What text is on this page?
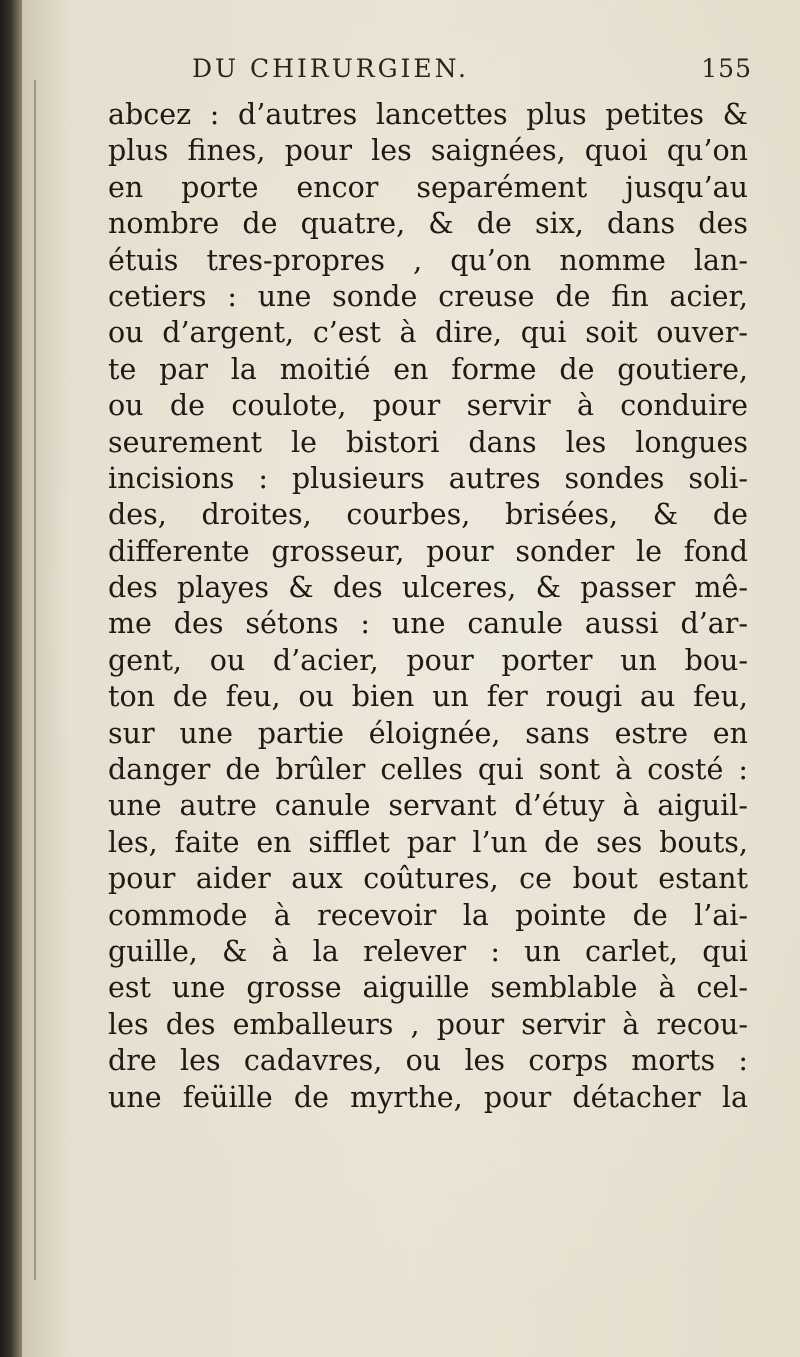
DU CHIRURGIEN.	155
abcez : d’autres lancettes plus petites &
plus fines, pour les saignées, quoi qu’on
en porte encor separément jusqu’au
nombre de quatre, & de six, dans des
étuis tres-propres , qu’on nomme lan-
cetiers : une sonde creuse de fin acier,
ou d’argent, c’est à dire, qui soit ouver-
te par la moitié en forme de goutiere,
ou de coulote, pour servir à conduire
seurement le bistori dans les longues
incisions : plusieurs autres sondes soli-
des, droites, courbes, brisées, & de
differente grosseur, pour sonder le fond
des playes & des ulceres, & passer mê-
me des sétons : une canule aussi d’ar-
gent, ou d’acier, pour porter un bou-
ton de feu, ou bien un fer rougi au feu,
sur une partie éloignée, sans estre en
danger de brûler celles qui sont à costé :
une autre canule servant d’étuy à aiguil-
les, faite en sifflet par l’un de ses bouts,
pour aider aux coûtures, ce bout estant
commode à recevoir la pointe de l’ai-
guille, & à la relever : un carlet, qui
est une grosse aiguille semblable à cel-
les des emballeurs , pour servir à recou-
dre les cadavres, ou les corps morts :
une feüille de myrthe, pour détacher la
